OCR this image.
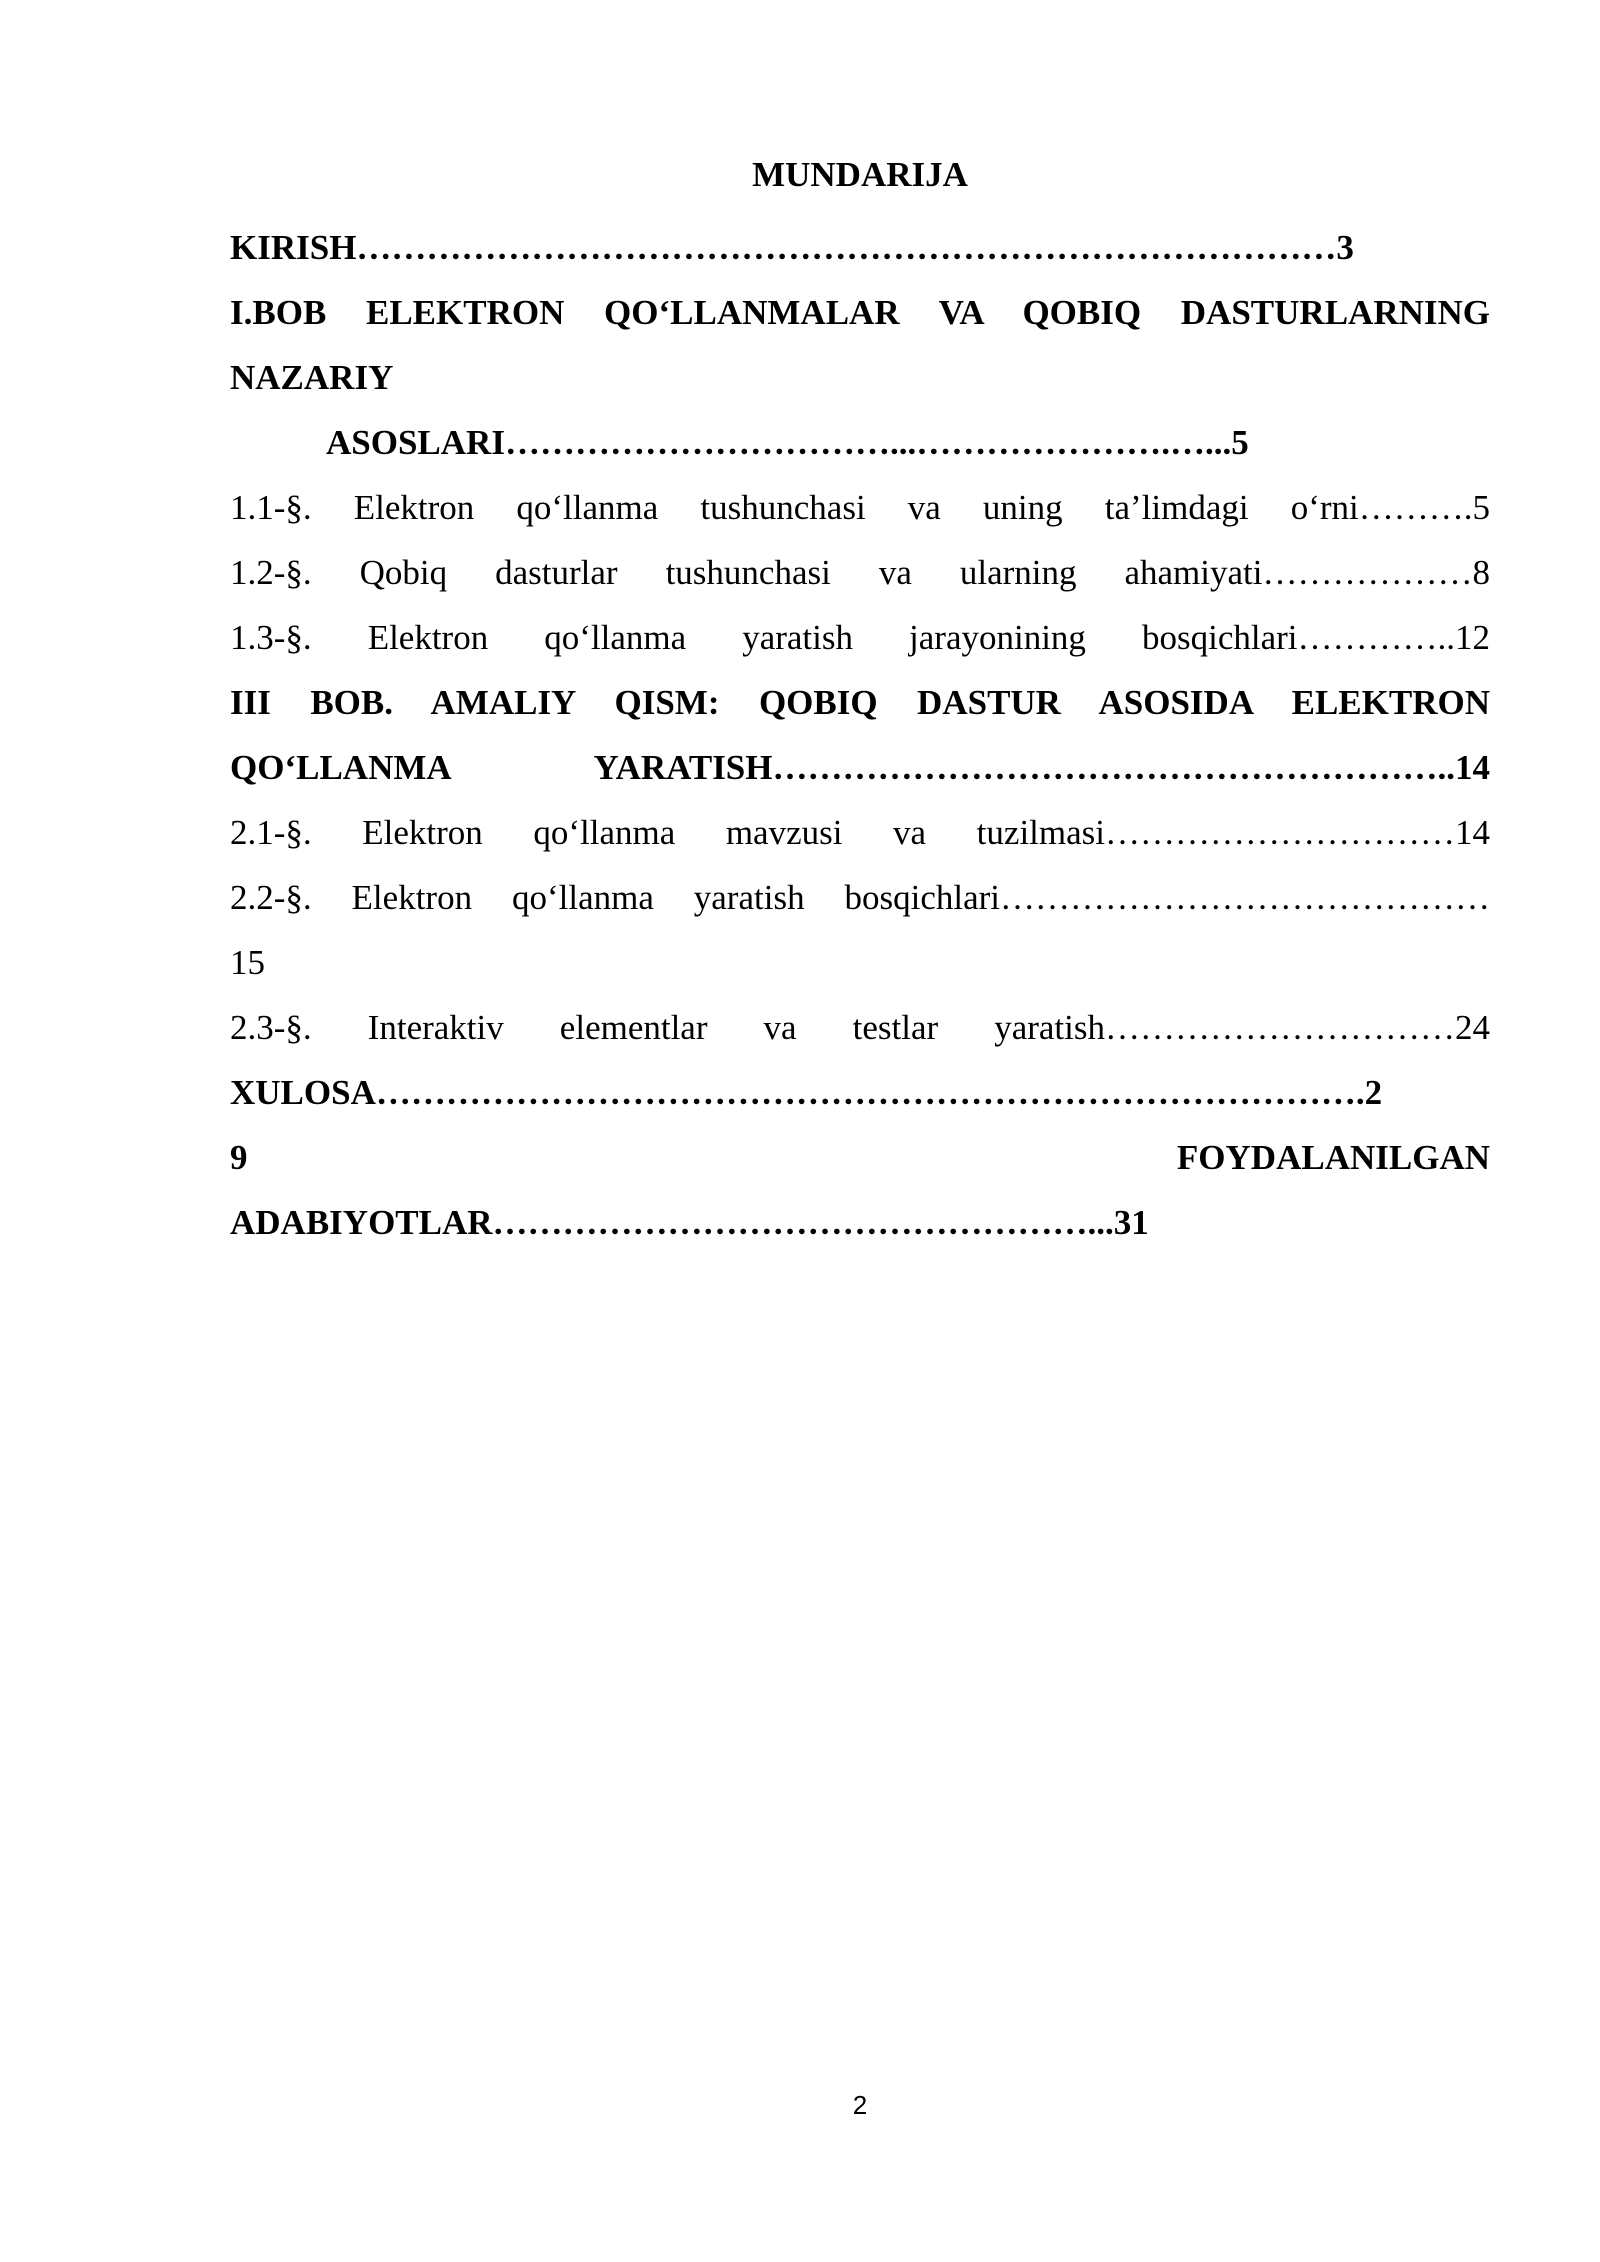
MUNDARIJA
KIRISH…………………………………………………………………………3
I.BOB ELEKTRON QO‘LLANMALAR VA QOBIQ DASTURLARNING
NAZARIY
ASOSLARI……………………………...………………….…...5
1.1-§. Elektron qo‘llanma tushunchasi va uning ta’limdagi o‘rni……….5
1.2-§. Qobiq dasturlar tushunchasi va ularning ahamiyati………………8
1.3-§. Elektron qo‘llanma yaratish jarayonining bosqichlari…………..12
III BOB. AMALIY QISM: QOBIQ DASTUR ASOSIDA ELEKTRON
QO‘LLANMA YARATISH…………………………………………………..14
2.1-§. Elektron qo‘llanma mavzusi va tuzilmasi…………………………14
2.2-§. Elektron qo‘llanma yaratish bosqichlari……………………………………
15
2.3-§. Interaktiv elementlar va testlar yaratish…………………………24
XULOSA………………………………………………………………………….2
9 FOYDALANILGAN
ADABIYOTLAR……………………………………………...31
2
